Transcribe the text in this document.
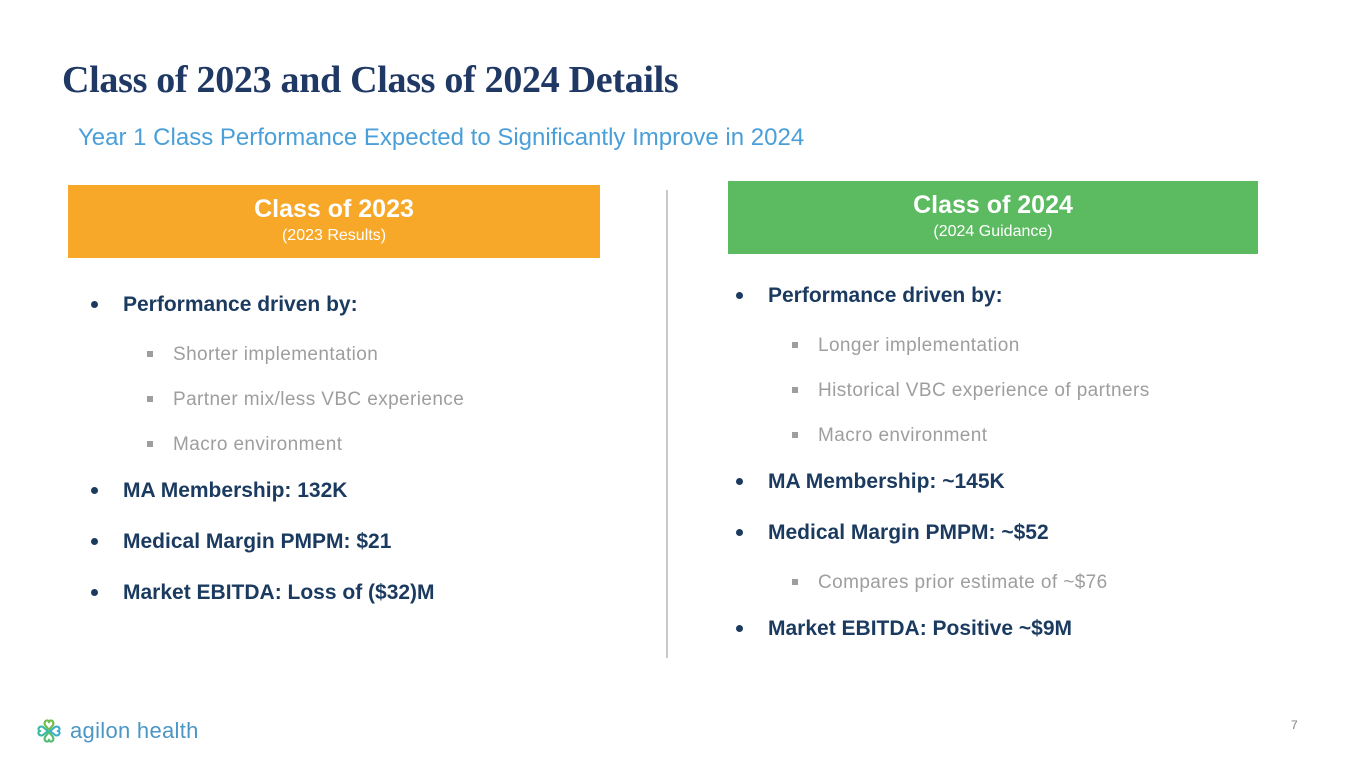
Class of 2023 and Class of 2024 Details
Year 1 Class Performance Expected to Significantly Improve in 2024
Class of 2023
(2023 Results)
Class of 2024
(2024 Guidance)
Performance driven by:
Shorter implementation
Partner mix/less VBC experience
Macro environment
MA Membership: 132K
Medical Margin PMPM: $21
Market EBITDA: Loss of ($32)M
Performance driven by:
Longer implementation
Historical VBC experience of partners
Macro environment
MA Membership: ~145K
Medical Margin PMPM: ~$52
Compares prior estimate of ~$76
Market EBITDA: Positive ~$9M
agilon health	7
